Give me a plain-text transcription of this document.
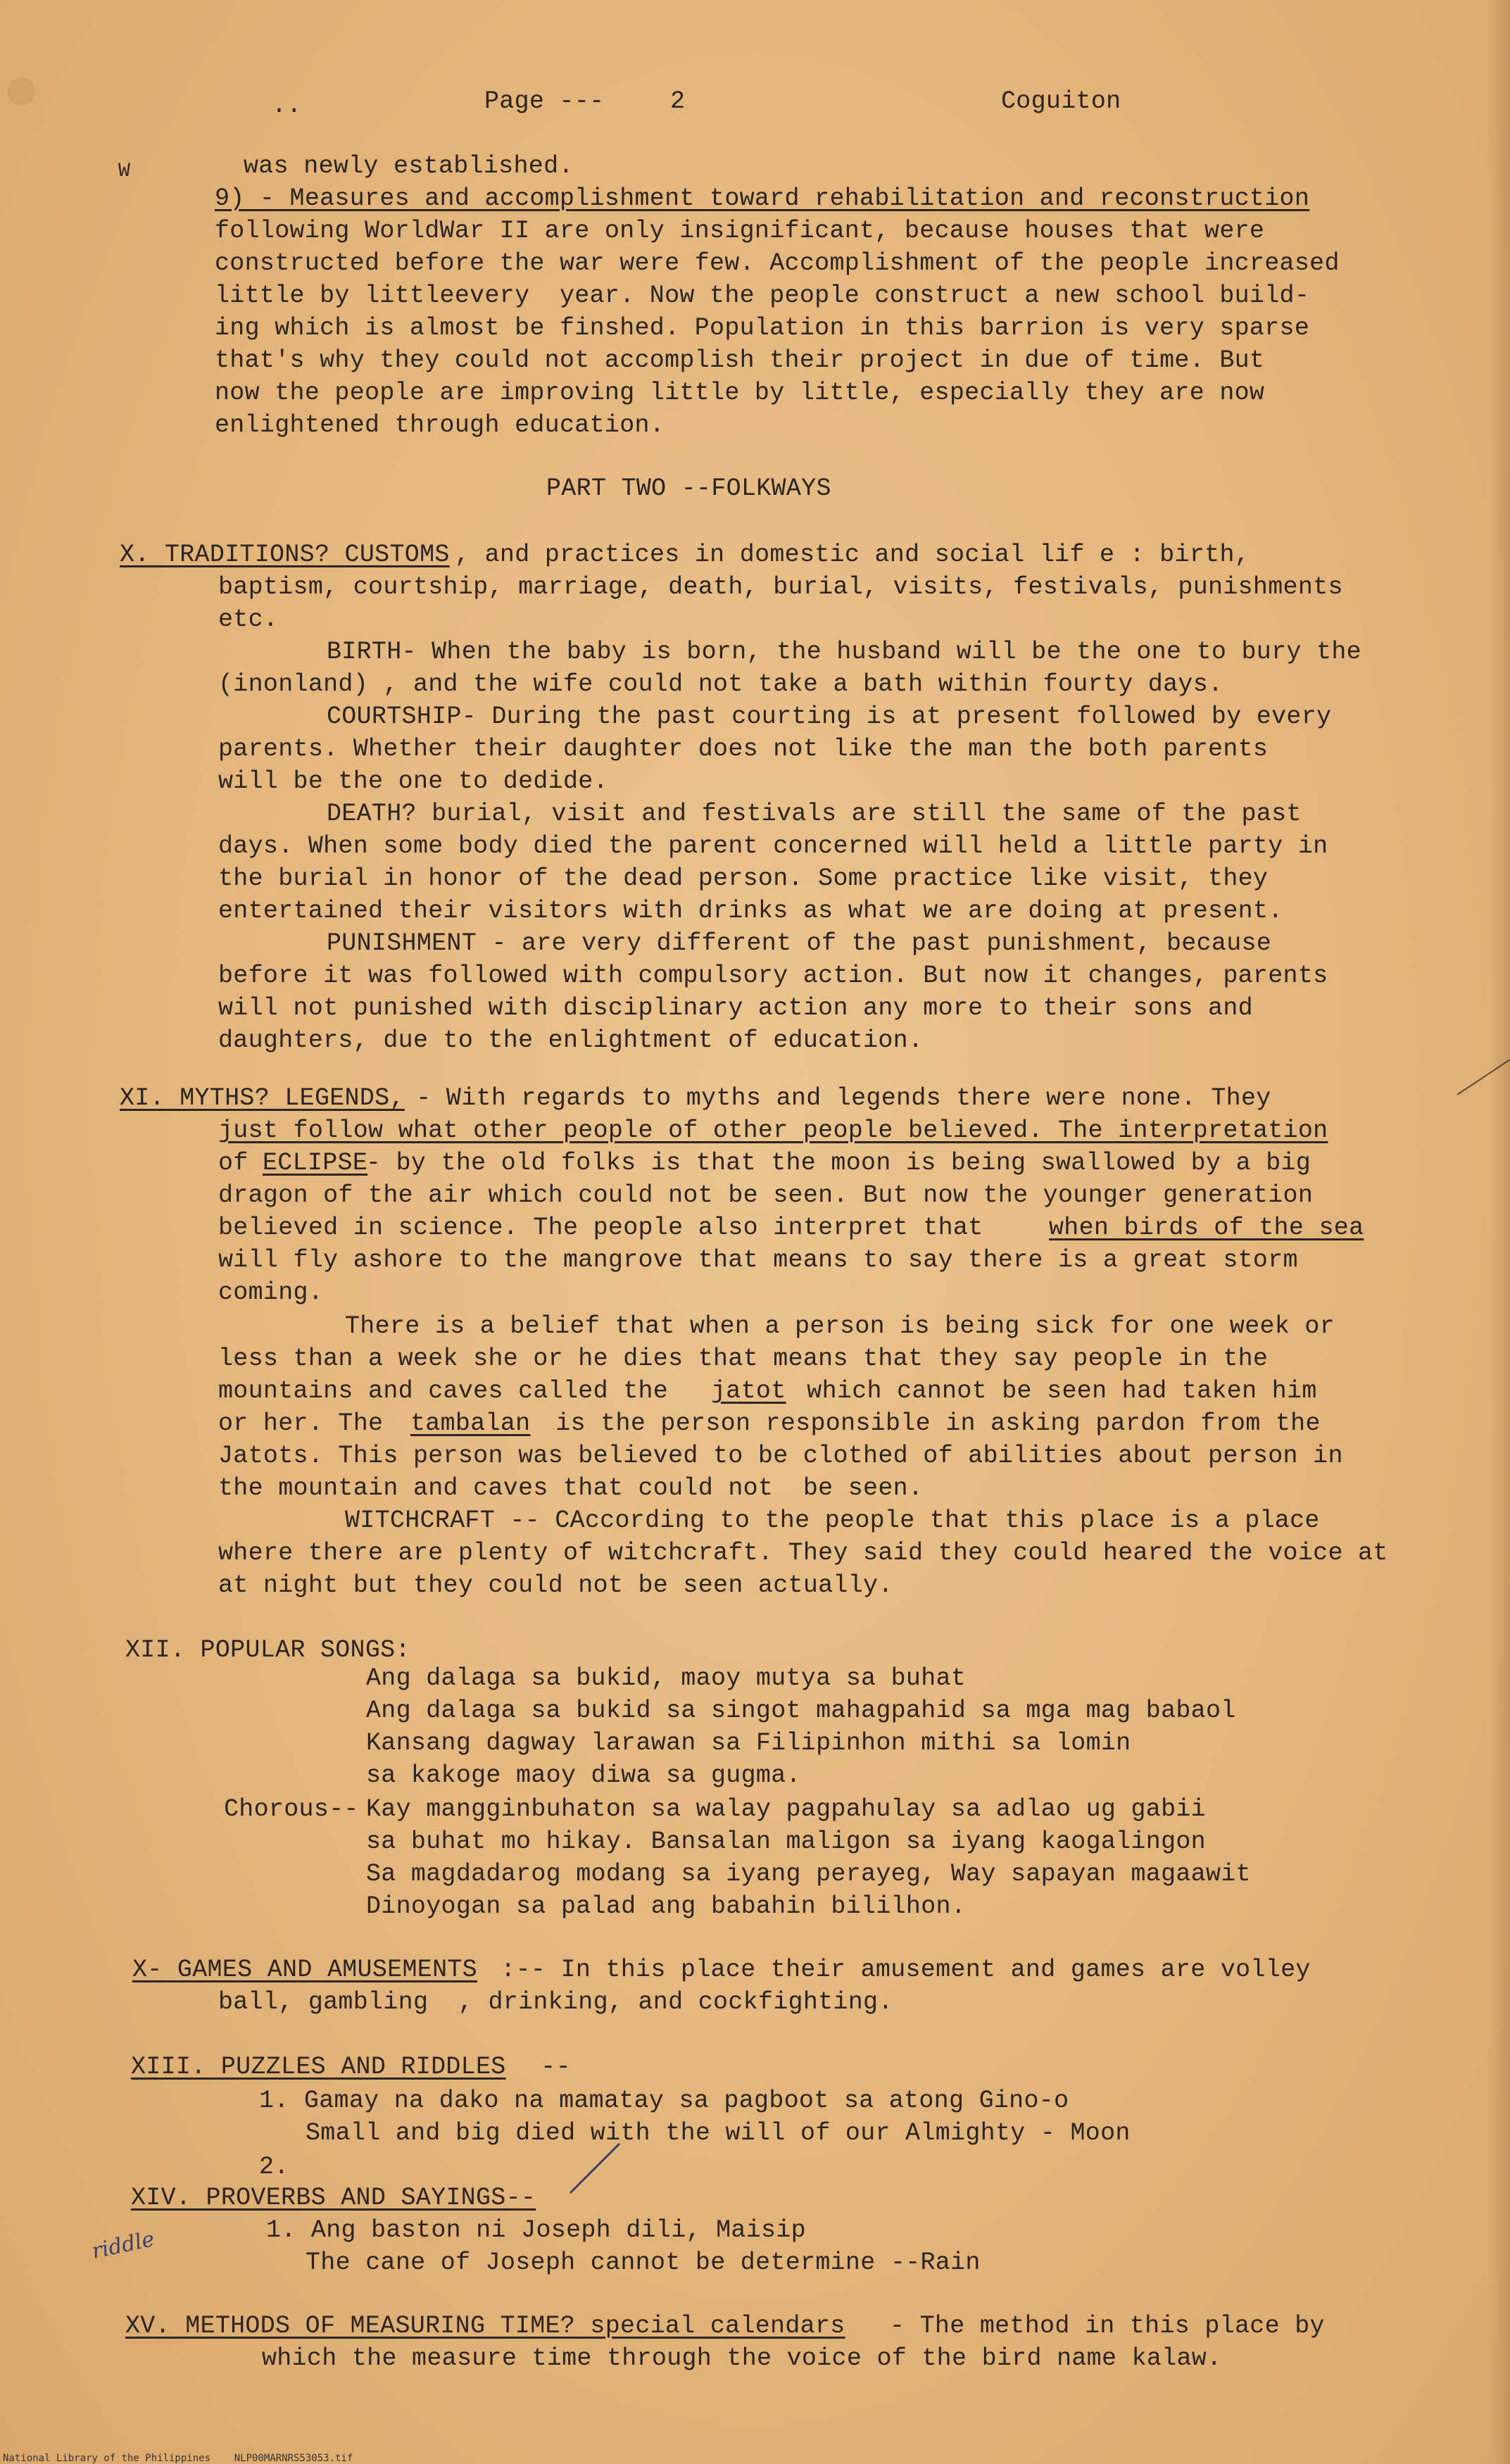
..	Page ---	2	Coguiton
W	was newly established.
9) - Measures and accomplishment toward rehabilitation and reconstruction
following WorldWar II are only insignificant, because houses that were
constructed before the war were few. Accomplishment of the people increased
little by littleevery  year. Now the people construct a new school build-
ing which is almost be finshed. Population in this barrion is very sparse
that's why they could not accomplish their project in due of time. But
now the people are improving little by little, especially they are now
enlightened through education.
PART TWO --FOLKWAYS
X. TRADITIONS? CUSTOMS , and practices in domestic and social lif e : birth,
baptism, courtship, marriage, death, burial, visits, festivals, punishments
etc.
BIRTH- When the baby is born, the husband will be the one to bury the
(inonland) , and the wife could not take a bath within fourty days.
COURTSHIP- During the past courting is at present followed by every
parents. Whether their daughter does not like the man the both parents
will be the one to dedide.
DEATH? burial, visit and festivals are still the same of the past
days. When some body died the parent concerned will held a little party in
the burial in honor of the dead person. Some practice like visit, they
entertained their visitors with drinks as what we are doing at present.
PUNISHMENT - are very different of the past punishment, because
before it was followed with compulsory action. But now it changes, parents
will not punished with disciplinary action any more to their sons and
daughters, due to the enlightment of education.
XI. MYTHS? LEGENDS,
- With regards to myths and legends there were none. They
just follow what other people of other people believed. The interpretation
of ECLIPSE
- by the old folks is that the moon is being swallowed by a big
dragon of the air which could not be seen. But now the younger generation
believed in science. The people also interpret that when birds of the sea
will fly ashore to the mangrove that means to say there is a great storm
coming.
There is a belief that when a person is being sick for one week or
less than a week she or he dies that means that they say people in the
mountains and caves called the jatot which cannot be seen had taken him
or her. The tambalan is the person responsible in asking pardon from the
Jatots. This person was believed to be clothed of abilities about person in
the mountain and caves that could not  be seen.
WITCHCRAFT -- CAccording to the people that this place is a place
where there are plenty of witchcraft. They said they could heared the voice at
at night but they could not be seen actually.
XII. POPULAR SONGS:
Ang dalaga sa bukid, maoy mutya sa buhat
Ang dalaga sa bukid sa singot mahagpahid sa mga mag babaol
Kansang dagway larawan sa Filipinhon mithi sa lomin
sa kakoge maoy diwa sa gugma.
Chorous-- Kay mangginbuhaton sa walay pagpahulay sa adlao ug gabii
sa buhat mo hikay. Bansalan maligon sa iyang kaogalingon
Sa magdadarog modang sa iyang perayeg, Way sapayan magaawit
Dinoyogan sa palad ang babahin bililhon.
X- GAMES AND AMUSEMENTS :-- In this place their amusement and games are volley
ball, gambling  , drinking, and cockfighting.
XIII. PUZZLES AND RIDDLES --
1. Gamay na dako na mamatay sa pagboot sa atong Gino-o
Small and big died with the will of our Almighty - Moon
2.
XIV. PROVERBS AND SAYINGS--
1. Ang baston ni Joseph dili, Maisip
The cane of Joseph cannot be determine --Rain
riddle
XV. METHODS OF MEASURING TIME? special calendars - The method in this place by
which the measure time through the voice of the bird name kalaw.
National Library of the Philippines    NLP00MARNRS53053.tif
